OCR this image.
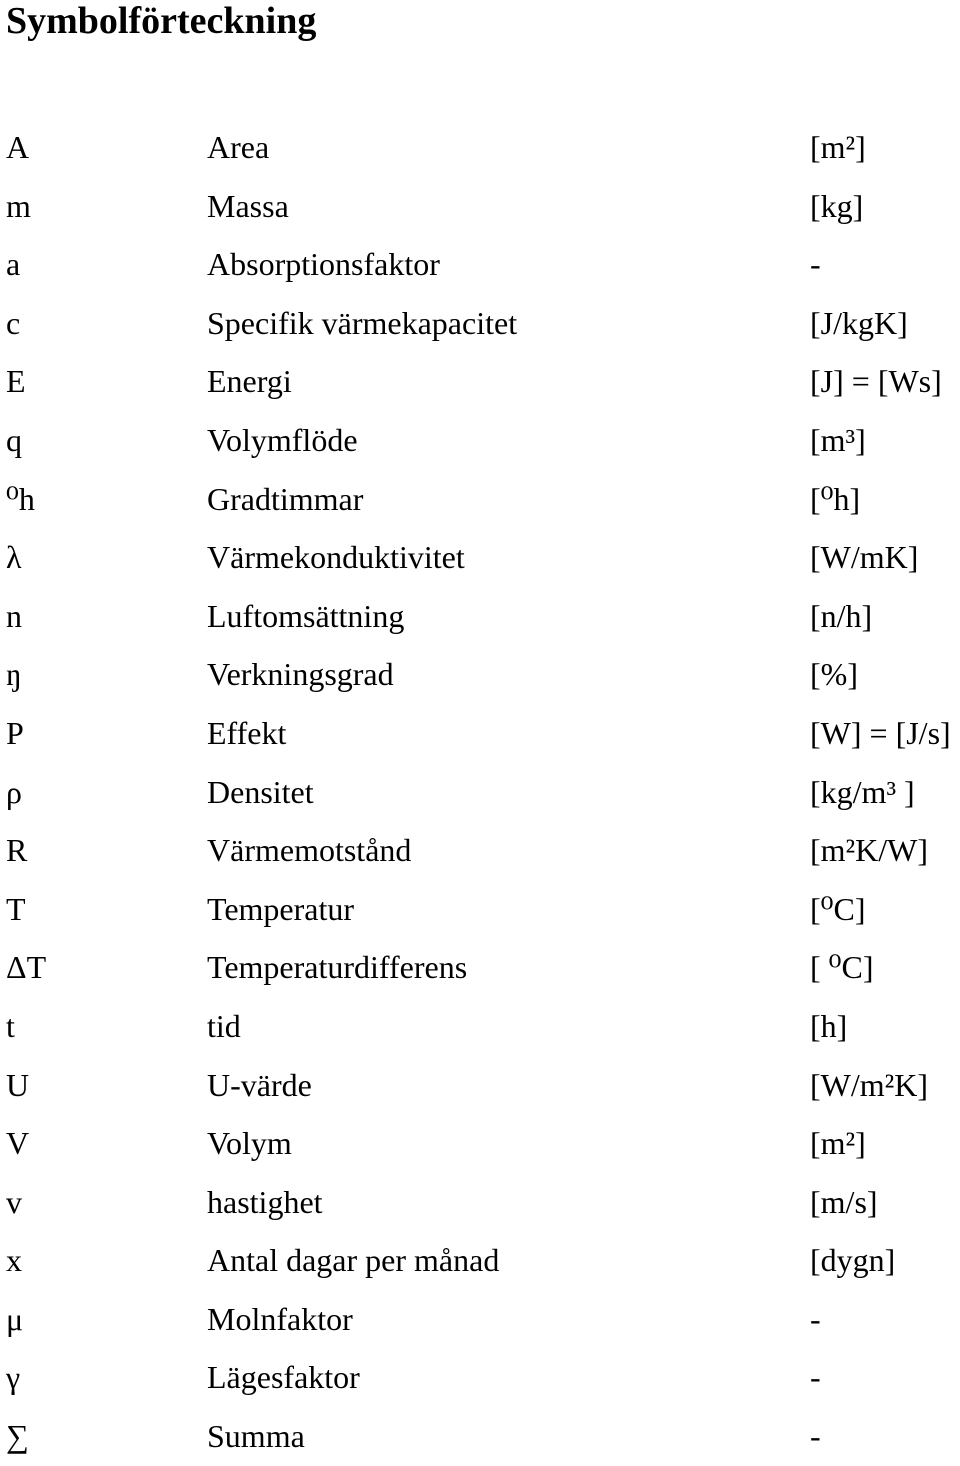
Symbolförteckning
A	Area	[m²]
m	Massa	[kg]
a	Absorptionsfaktor	-
c	Specifik värmekapacitet	[J/kgK]
E	Energi	[J] = [Ws]
q	Volymflöde	[m³]
⁰h	Gradtimmar	[⁰h]
λ	Värmekonduktivitet	[W/mK]
n	Luftomsättning	[n/h]
ŋ	Verkningsgrad	[%]
P	Effekt	[W] = [J/s]
ρ	Densitet	[kg/m³ ]
R	Värmemotstånd	[m²K/W]
T	Temperatur	[⁰C]
ΔT	Temperaturdifferens	[ ⁰C]
t	tid	[h]
U	U-värde	[W/m²K]
V	Volym	[m²]
v	hastighet	[m/s]
x	Antal dagar per månad	[dygn]
μ	Molnfaktor	-
γ	Lägesfaktor	-
∑	Summa	-
